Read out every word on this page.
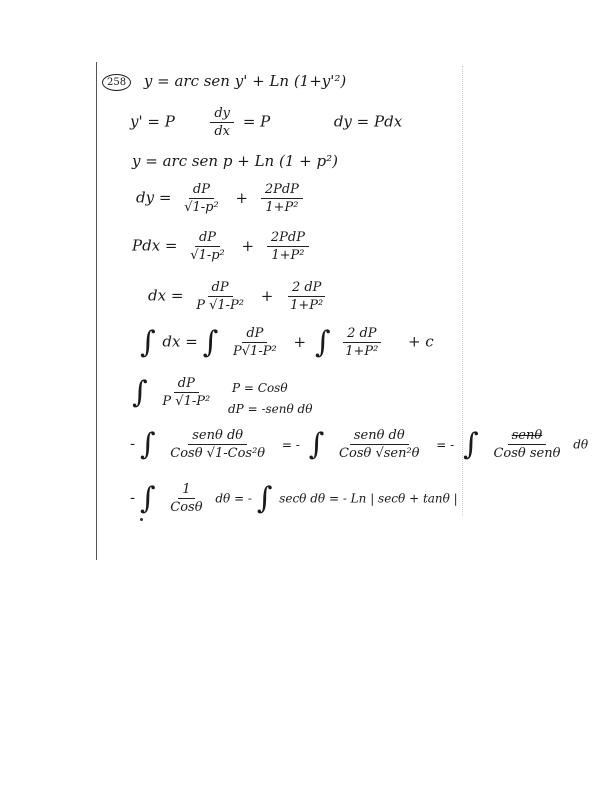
258 y = arc sen y' + Ln (1+y'²)
y' = P	$\frac{dy}{dx} = P$	dy = Pdx
y = arc sen p + Ln (1 + p²)
dy = $\frac{dP}{\text{√1-p²}} + \frac{\text{2PdP}}{\text{1+P²}}$
Pdx = $\frac{dP}{\text{√1-p²}} + \frac{\text{2PdP}}{\text{1+P²}}$
dx = $\frac{dP}{\text{P √1-P²}} + \frac{2 dP}{\text{1+P²}}$
∫ dx = ∫ $\frac{dP}{\text{P√1-P²}}$ + ∫ $\frac{2 dP}{\text{1+P²}} + c$
∫ $\frac{dP}{\text{P √1-P²}}$ P = Cosθ
dP = -senθ dθ
- ∫ $\frac{\text{senθ dθ}}{\text{Cosθ √1-Cos²θ}}$ = - ∫ $\frac{\text{senθ dθ}}{\text{Cosθ √sen²θ}}$ = - ∫ $\frac{\text{senθ}}{\text{Cosθ senθ}}$ dθ
- ∫ $\frac{1}{\text{Cosθ}}$ dθ = - ∫ secθ dθ = - Ln | secθ + tanθ |
